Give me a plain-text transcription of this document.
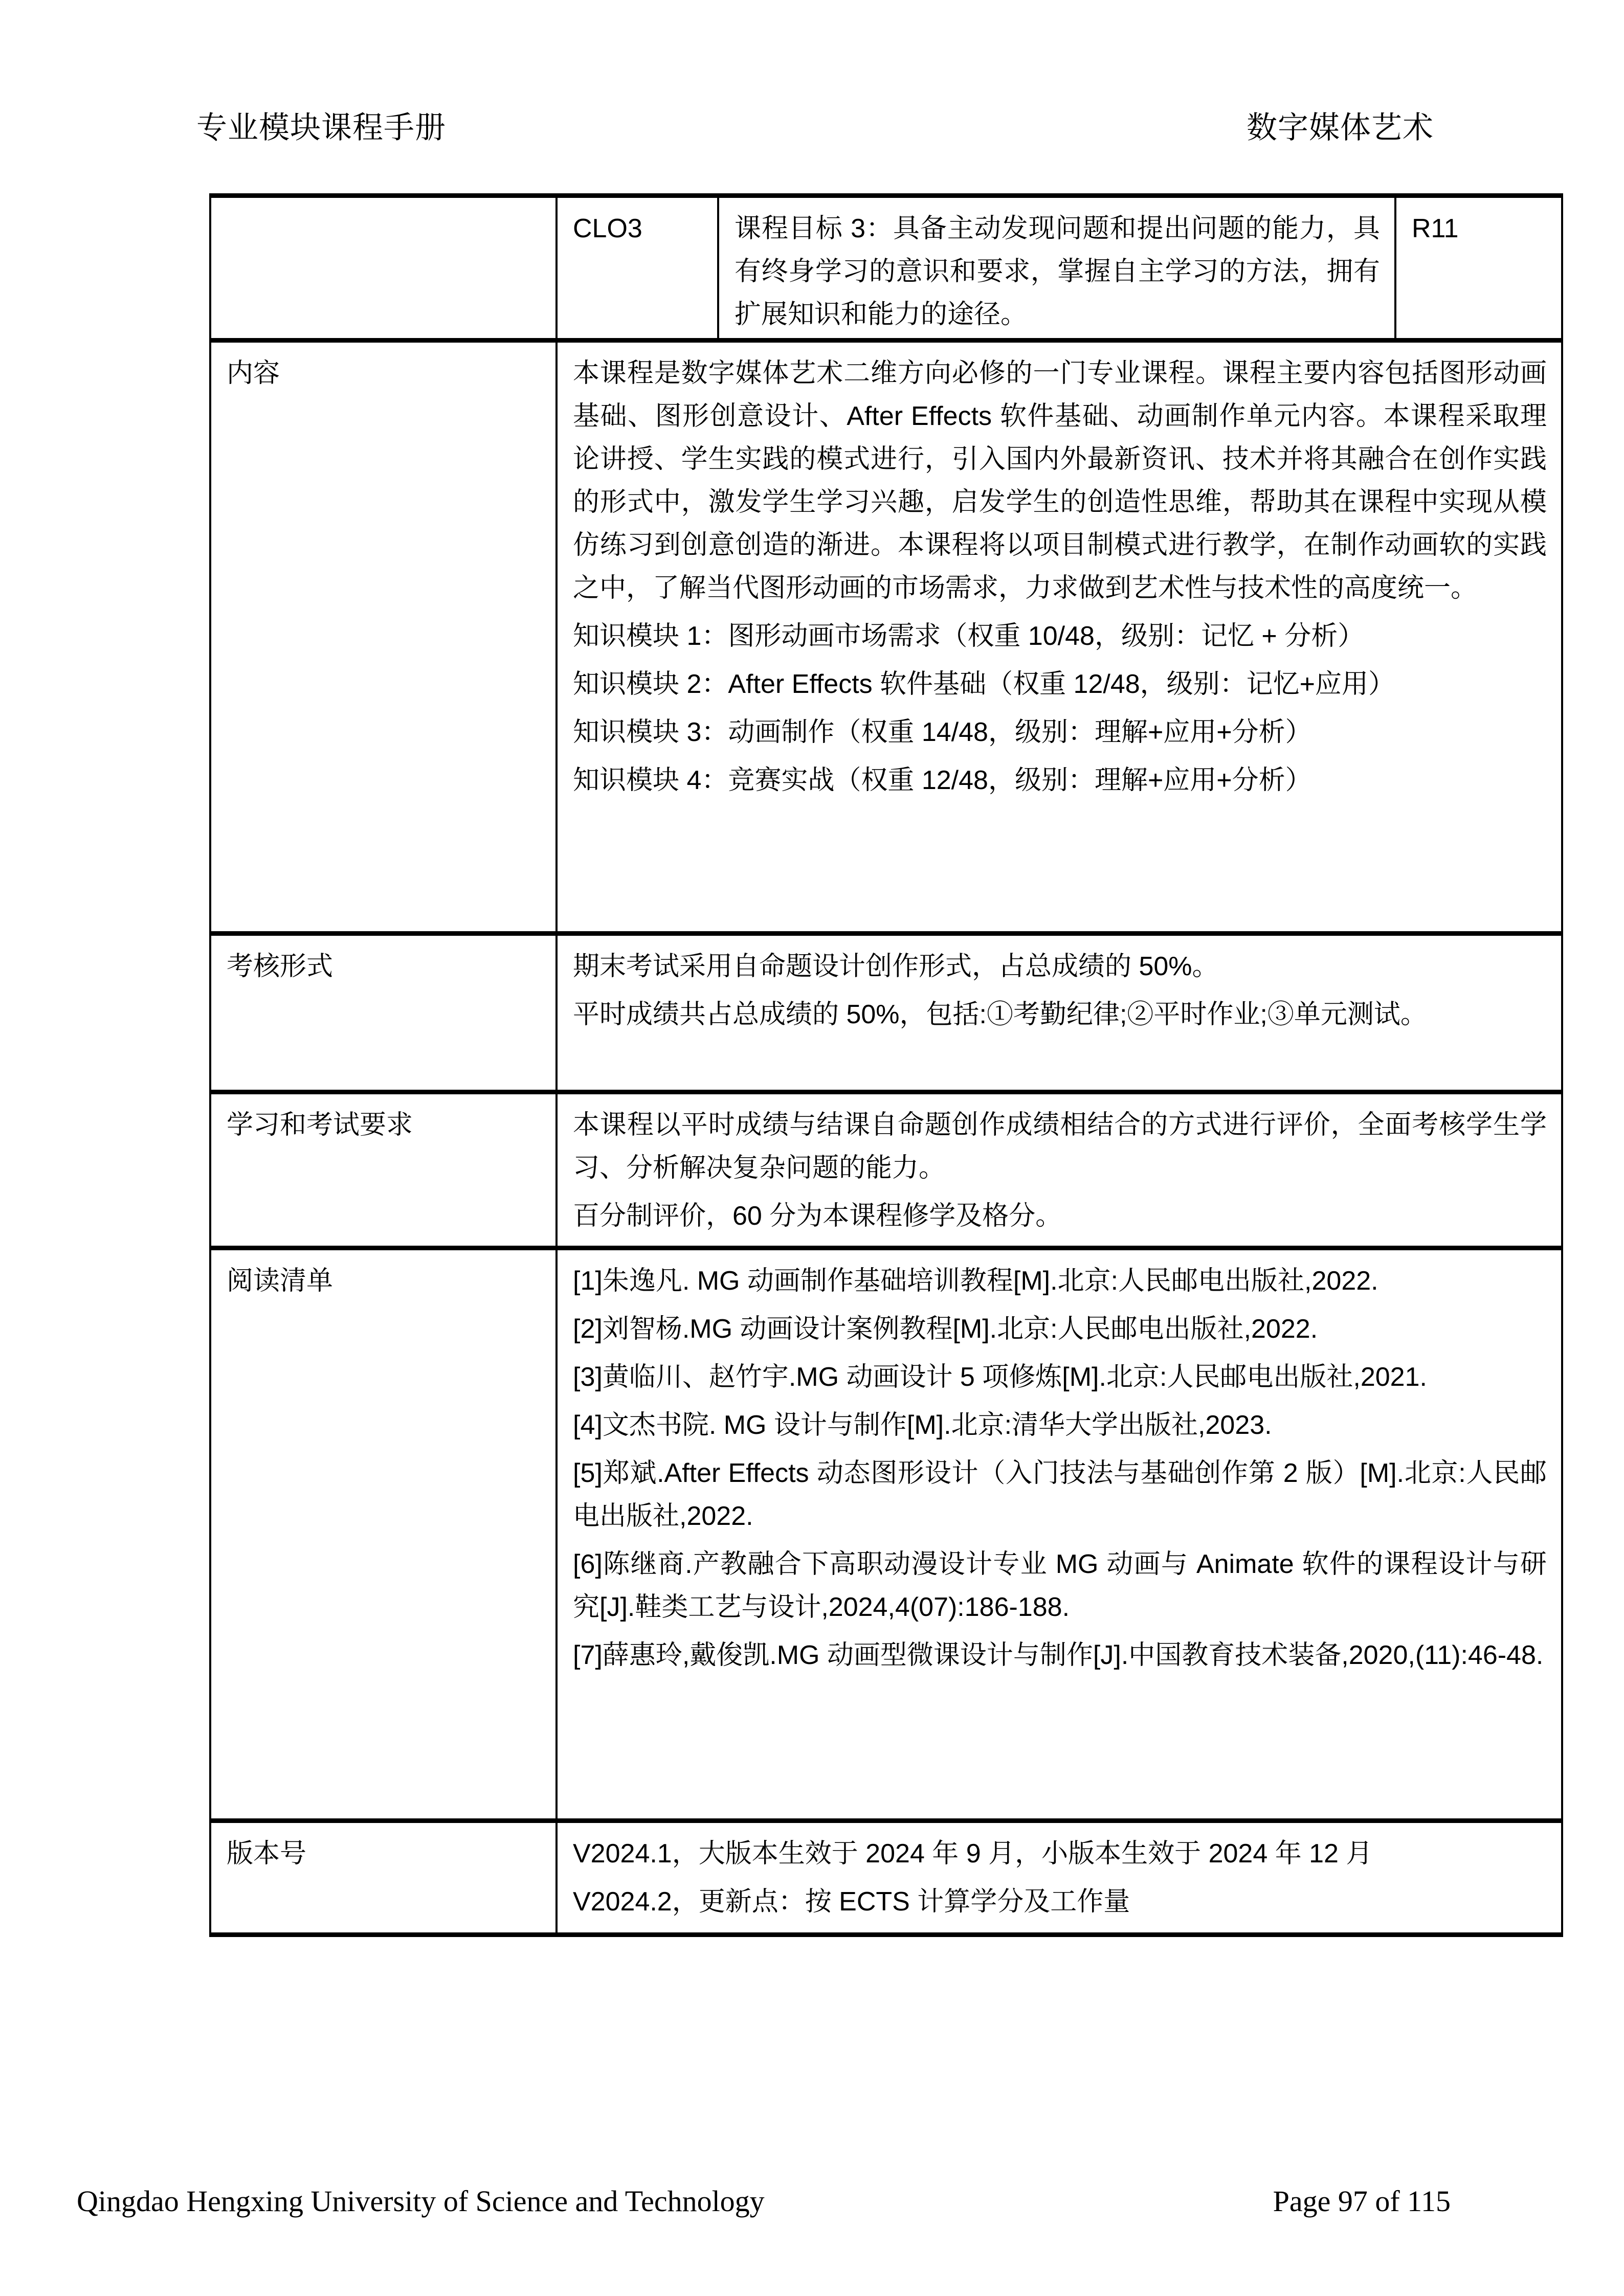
专业模块课程手册	数字媒体艺术
	CLO3	课程目标 3：具备主动发现问题和提出问题的能力，具有终身学习的意识和要求，掌握自主学习的方法，拥有扩展知识和能力的途径。	R11
内容	本课程是数字媒体艺术二维方向必修的一门专业课程。课程主要内容包括图形动画基础、图形创意设计、After Effects 软件基础、动画制作单元内容。本课程采取理论讲授、学生实践的模式进行，引入国内外最新资讯、技术并将其融合在创作实践的形式中，激发学生学习兴趣，启发学生的创造性思维，帮助其在课程中实现从模仿练习到创意创造的渐进。本课程将以项目制模式进行教学，在制作动画软的实践之中，了解当代图形动画的市场需求，力求做到艺术性与技术性的高度统一。

知识模块 1：图形动画市场需求（权重 10/48，级别：记忆 + 分析）

知识模块 2：After Effects 软件基础（权重 12/48，级别：记忆+应用）

知识模块 3：动画制作（权重 14/48，级别：理解+应用+分析）

知识模块 4：竞赛实战（权重 12/48，级别：理解+应用+分析）		

考核形式	期末考试采用自命题设计创作形式，占总成绩的 50%。

平时成绩共占总成绩的 50%，包括:①考勤纪律;②平时作业;③单元测试。		

学习和考试要求	本课程以平时成绩与结课自命题创作成绩相结合的方式进行评价，全面考核学生学习、分析解决复杂问题的能力。

百分制评价，60 分为本课程修学及格分。		

阅读清单	[1]朱逸凡. MG 动画制作基础培训教程[M].北京:人民邮电出版社,2022.

[2]刘智杨.MG 动画设计案例教程[M].北京:人民邮电出版社,2022.

[3]黄临川、赵竹宇.MG 动画设计 5 项修炼[M].北京:人民邮电出版社,2021.

[4]文杰书院. MG 设计与制作[M].北京:清华大学出版社,2023.

[5]郑斌.After Effects 动态图形设计（入门技法与基础创作第 2 版）[M].北京:人民邮电出版社,2022.

[6]陈继商.产教融合下高职动漫设计专业 MG 动画与 Animate 软件的课程设计与研究[J].鞋类工艺与设计,2024,4(07):186-188.

[7]薛惠玲,戴俊凯.MG 动画型微课设计与制作[J].中国教育技术装备,2020,(11):46-48.

版本号	V2024.1，大版本生效于 2024 年 9 月，小版本生效于 2024 年 12 月

V2024.2，更新点：按 ECTS 计算学分及工作量		

Qingdao Hengxing University of Science and Technology	Page 97 of 115
